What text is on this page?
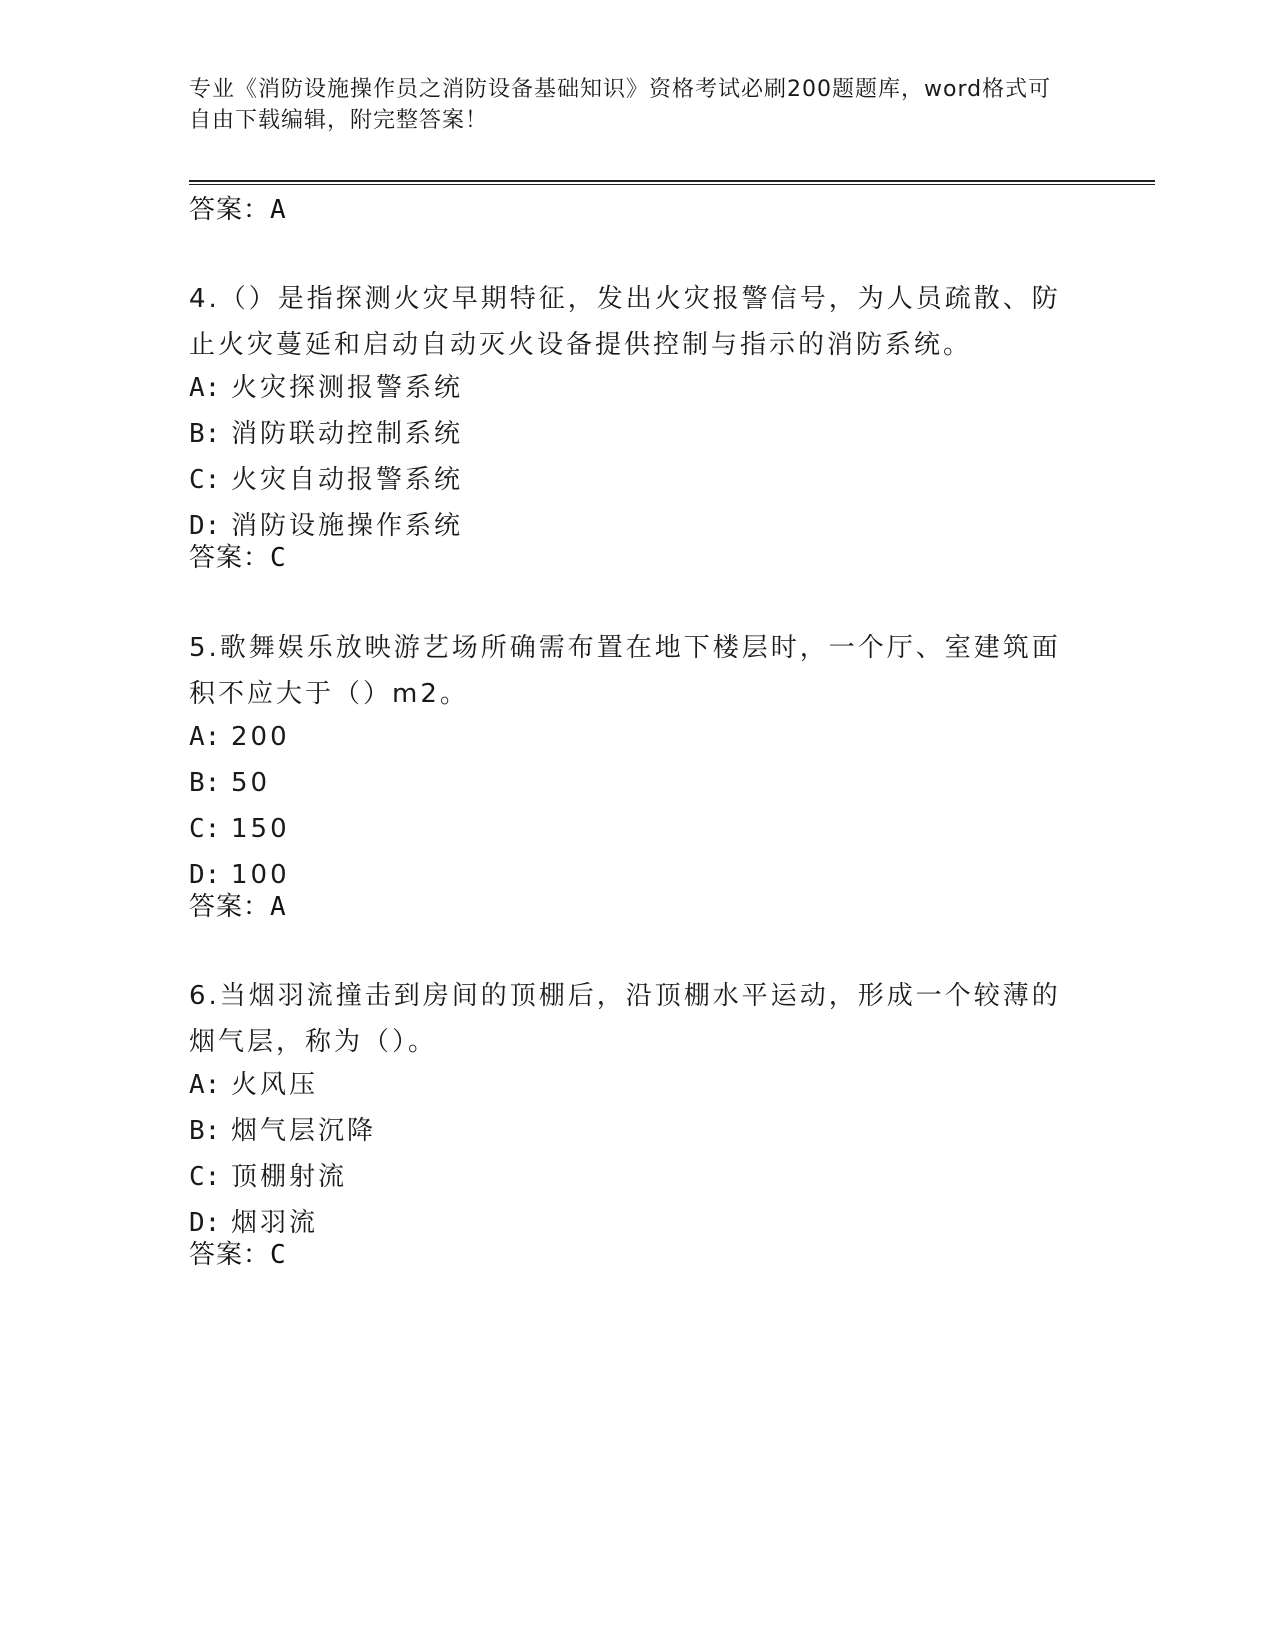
专业《消防设施操作员之消防设备基础知识》资格考试必刷200题题库，word格式可自由下载编辑，附完整答案！
答案：A
4.（）是指探测火灾早期特征，发出火灾报警信号，为人员疏散、防止火灾蔓延和启动自动灭火设备提供控制与指示的消防系统。
A: 火灾探测报警系统
B: 消防联动控制系统
C: 火灾自动报警系统
D: 消防设施操作系统
答案：C
5.歌舞娱乐放映游艺场所确需布置在地下楼层时，一个厅、室建筑面积不应大于（）m2。
A: 200
B: 50
C: 150
D: 100
答案：A
6.当烟羽流撞击到房间的顶棚后，沿顶棚水平运动，形成一个较薄的烟气层，称为（）。
A: 火风压
B: 烟气层沉降
C: 顶棚射流
D: 烟羽流
答案：C
